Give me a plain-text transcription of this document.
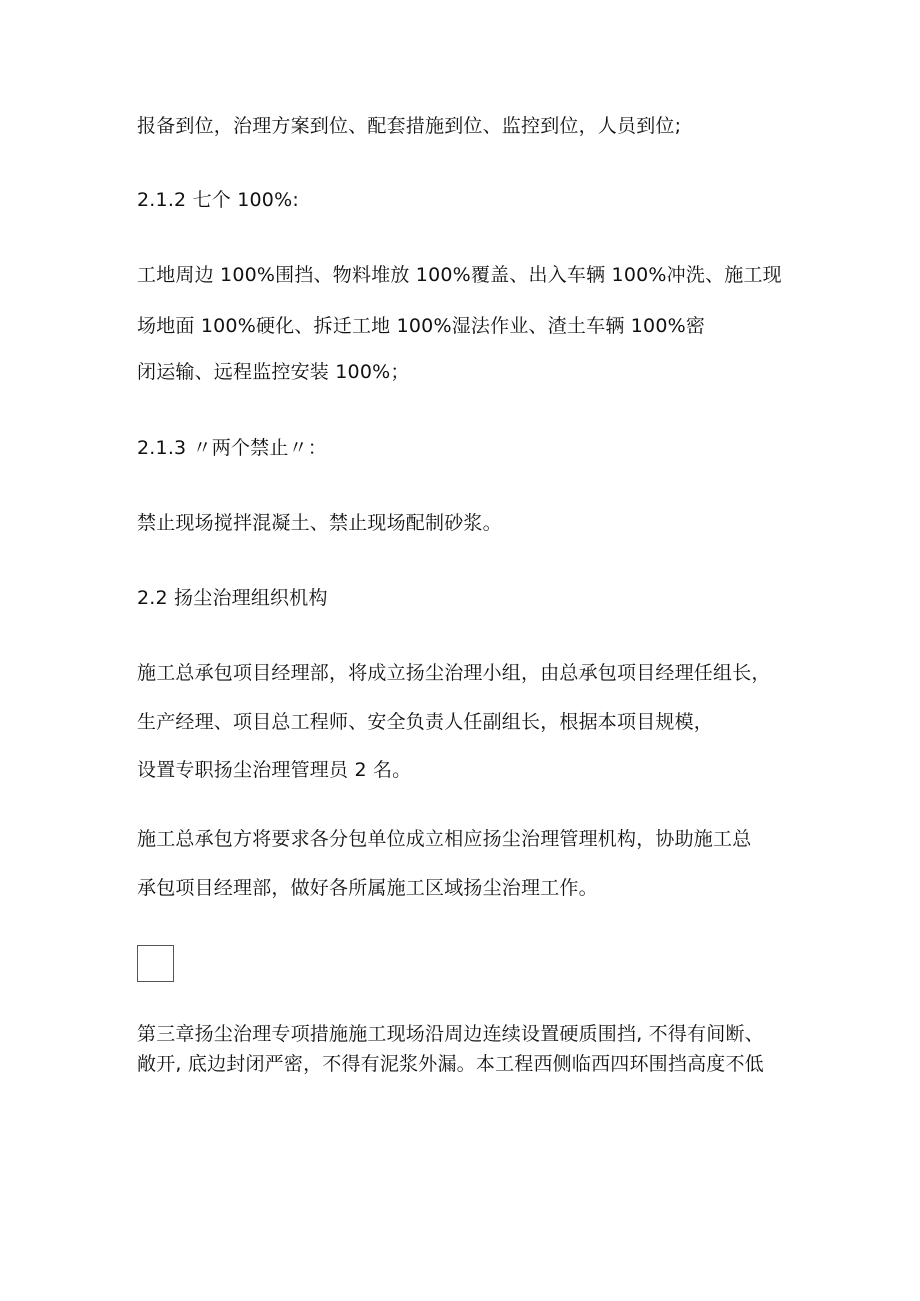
报备到位，治理方案到位、配套措施到位、监控到位，人员到位;
2.1.2 七个 100%:
工地周边 100%围挡、物料堆放 100%覆盖、出入车辆 100%冲洗、施工现
场地面 100%硬化、拆迁工地 100%湿法作业、渣土车辆 100%密
闭运输、远程监控安装 100%；
2.1.3 〃两个禁止〃：
禁止现场搅拌混凝土、禁止现场配制砂浆。
2.2 扬尘治理组织机构
施工总承包项目经理部，将成立扬尘治理小组，由总承包项目经理任组长，
生产经理、项目总工程师、安全负责人任副组长，根据本项目规模，
设置专职扬尘治理管理员 2 名。
施工总承包方将要求各分包单位成立相应扬尘治理管理机构，协助施工总
承包项目经理部，做好各所属施工区域扬尘治理工作。
第三章扬尘治理专项措施施工现场沿周边连续设置硬质围挡, 不得有间断、
敞开, 底边封闭严密，不得有泥浆外漏。本工程西侧临西四环围挡高度不低
